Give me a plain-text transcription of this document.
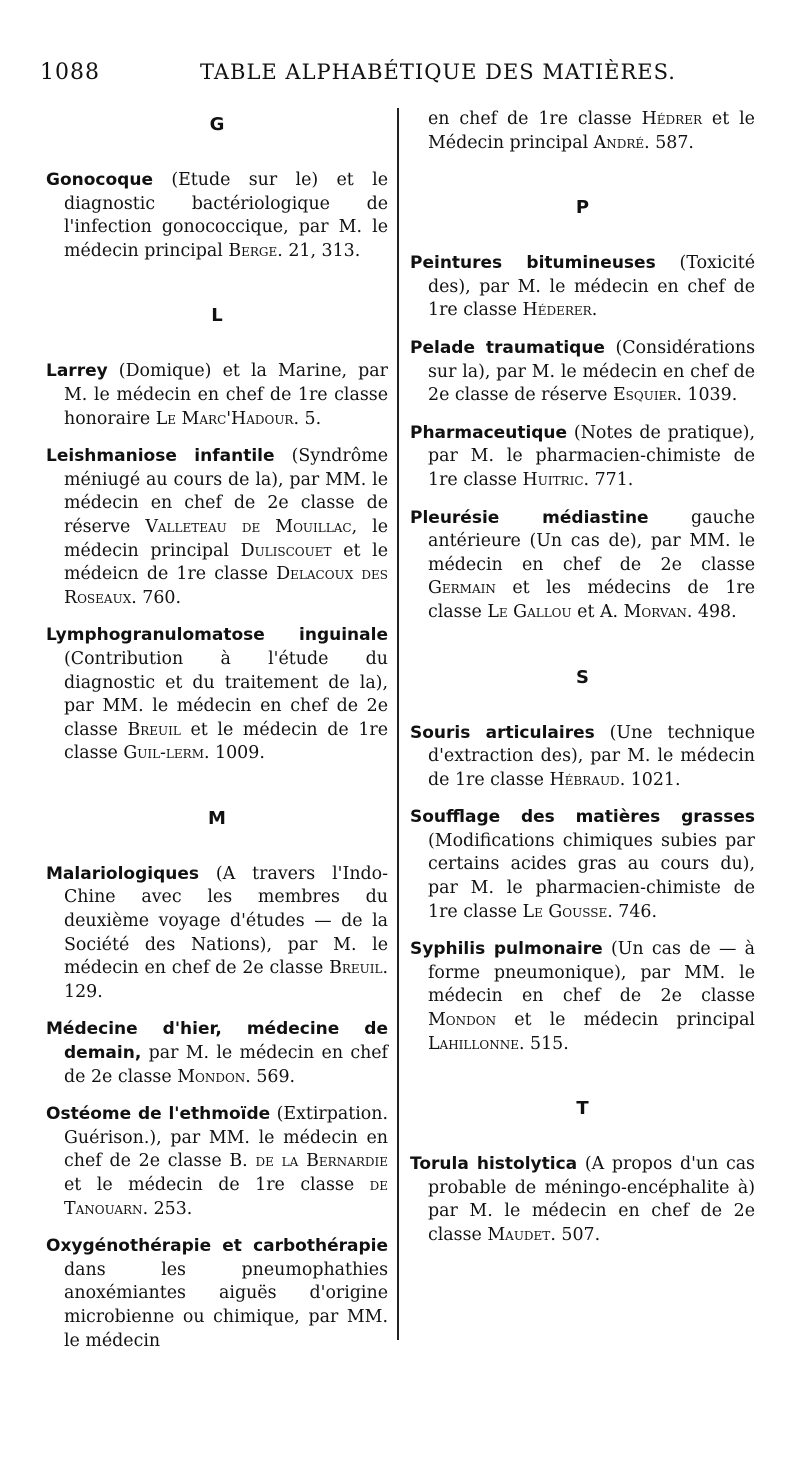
1088	TABLE ALPHABÉTIQUE DES MATIÈRES.

G

Gonocoque (Etude sur le) et le diagnostic bactériologique de l'infection gonococcique, par M. le médecin principal Berge. 21, 313.

L

Larrey (Domique) et la Marine, par M. le médecin en chef de 1re classe honoraire Le Marc'Hadour. 5.

Leishmaniose infantile (Syndrôme méniugé au cours de la), par MM. le médecin en chef de 2e classe de réserve Valleteau de Mouillac, le médecin principal Duliscouet et le médeicn de 1re classe Delacoux des Roseaux. 760.

Lymphogranulomatose inguinale (Contribution à l'étude du diagnostic et du traitement de la), par MM. le médecin en chef de 2e classe Breuil et le médecin de 1re classe Guil-lerm. 1009.

M

Malariologiques (A travers l'Indo-Chine avec les membres du deuxième voyage d'études — de la Société des Nations), par M. le médecin en chef de 2e classe Breuil. 129.

Médecine d'hier, médecine de demain, par M. le médecin en chef de 2e classe Mondon. 569.

Ostéome de l'ethmoïde (Extirpation. Guérison.), par MM. le médecin en chef de 2e classe B. de la Bernardie et le médecin de 1re classe de Tanouarn. 253.

Oxygénothérapie et carbothérapie dans les pneumophathies anoxémiantes aiguës d'origine microbienne ou chimique, par MM. le médecin

en chef de 1re classe Hédrer et le Médecin principal André. 587.

P

Peintures bitumineuses (Toxicité des), par M. le médecin en chef de 1re classe Héderer.

Pelade traumatique (Considérations sur la), par M. le médecin en chef de 2e classe de réserve Esquier. 1039.

Pharmaceutique (Notes de pratique), par M. le pharmacien-chimiste de 1re classe Huitric. 771.

Pleurésie médiastine gauche antérieure (Un cas de), par MM. le médecin en chef de 2e classe Germain et les médecins de 1re classe Le Gallou et A. Morvan. 498.

S

Souris articulaires (Une technique d'extraction des), par M. le médecin de 1re classe Hébraud. 1021.

Soufflage des matières grasses (Modifications chimiques subies par certains acides gras au cours du), par M. le pharmacien-chimiste de 1re classe Le Gousse. 746.

Syphilis pulmonaire (Un cas de — à forme pneumonique), par MM. le médecin en chef de 2e classe Mondon et le médecin principal Lahillonne. 515.

T

Torula histolytica (A propos d'un cas probable de méningo-encéphalite à) par M. le médecin en chef de 2e classe Maudet. 507.
